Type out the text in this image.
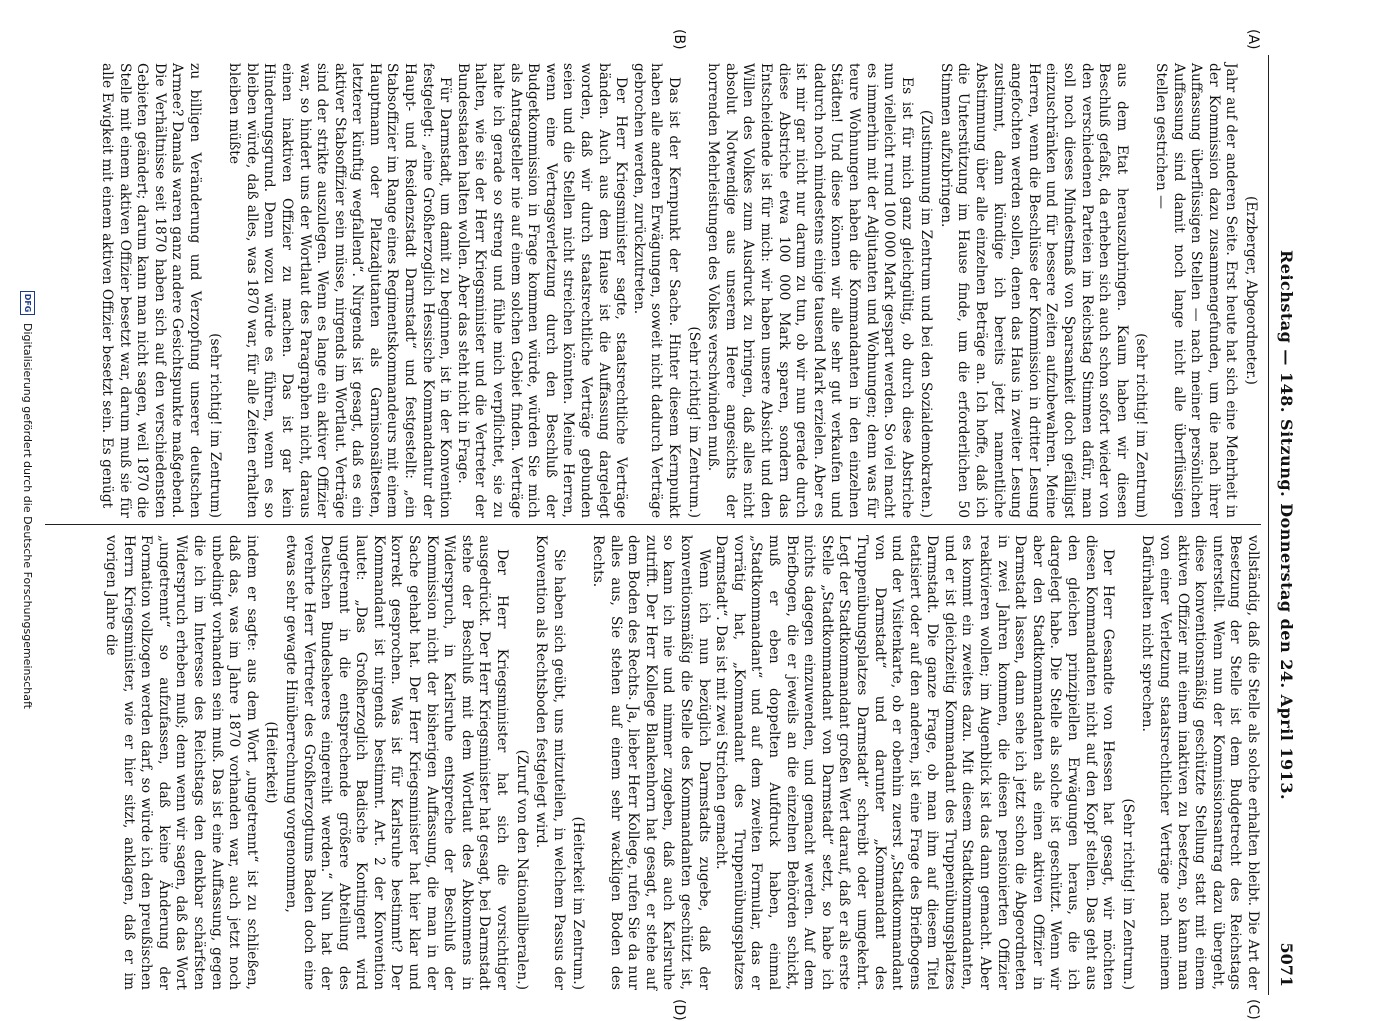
Reichstag — 148. Sitzung. Donnerstag den 24. April 1913.
5071
(A)
(B)
(C)
(D)

(Erzberger, Abgeordneter.)

Jahr auf der anderen Seite. Erst heute hat sich eine Mehrheit in der Kommission dazu zusammengefunden, um die nach ihrer Auffassung überflüssigen Stellen — nach meiner persönlichen Auffassung sind damit noch lange nicht alle überflüssigen Stellen gestrichen —

(sehr richtig! im Zentrum)

aus dem Etat herauszubringen. Kaum haben wir diesen Beschluß gefaßt, da erheben sich auch schon sofort wieder von den verschiedenen Parteien im Reichstag Stimmen dafür, man soll noch dieses Mindestmaß von Sparsamkeit doch gefälligst einzuschränken und für bessere Zeiten aufzubewahren. Meine Herren, wenn die Beschlüsse der Kommission in dritter Lesung angefochten werden sollen, denen das Haus in zweiter Lesung zustimmt, dann kündige ich bereits jetzt namentliche Abstimmung über alle einzelnen Beträge an. Ich hoffe, daß ich die Unterstützung im Hause finde, um die erforderlichen 50 Stimmen aufzubringen.

(Zustimmung im Zentrum und bei den Sozialdemokraten.)

Es ist für mich ganz gleichgültig, ob durch diese Abstriche nun vielleicht rund 100 000 Mark gespart werden. So viel macht es immerhin mit der Adjutanten und Wohnungen; denn was für teure Wohnungen haben die Kommandanten in den einzelnen Städten! Und diese können wir alle sehr gut verkaufen und dadurch noch mindestens einige tausend Mark erzielen. Aber es ist mir gar nicht nur darum zu tun, ob wir nun gerade durch diese Abstriche etwa 100 000 Mark sparen, sondern das Entscheidende ist für mich: wir haben unsere Absicht und den Willen des Volkes zum Ausdruck zu bringen, daß alles nicht absolut Notwendige aus unserem Heere angesichts der horrenden Mehrleistungen des Volkes verschwinden muß.

(Sehr richtig! im Zentrum.)

Das ist der Kernpunkt der Sache. Hinter diesem Kernpunkt haben alle anderen Erwägungen, soweit nicht dadurch Verträge gebrochen werden, zurückzutreten.

Der Herr Kriegsminister sagte, staatsrechtliche Verträge bänden. Auch aus dem Hause ist die Auffassung dargelegt worden, daß wir durch staatsrechtliche Verträge gebunden seien und die Stellen nicht streichen könnten. Meine Herren, wenn eine Vertragsverletzung durch den Beschluß der Budgetkommission in Frage kommen würde, würden Sie mich als Antragsteller nie auf einem solchen Gebiet finden. Verträge halte ich gerade so streng und fühle mich verpflichtet, sie zu halten, wie sie der Herr Kriegsminister und die Vertreter der Bundesstaaten halten wollen. Aber das steht nicht in Frage.

Für Darmstadt, um damit zu beginnen, ist in der Konvention festgelegt: „eine Großherzoglich Hessische Kommandantur der Haupt- und Residenzstadt Darmstadt“ und festgestellt: „ein Stabsoffizier im Range eines Regimentskommandeurs mit einem Hauptmann oder Platzadjutanten als Garnisonsältesten, letzterer künftig wegfallend“. Nirgends ist gesagt, daß es ein aktiver Stabsoffizier sein müsse, nirgends im Wortlaut. Verträge sind der strikte auszulegen. Wenn es lange ein aktiver Offizier war, so hindert uns der Wortlaut des Paragraphen nicht, daraus einen inaktiven Offizier zu machen. Das ist gar kein Hinderungsgrund. Denn wozu würde es führen, wenn es so bleiben würde, daß alles, was 1870 war, für alle Zeiten erhalten bleiben müßte

(sehr richtig! im Zentrum)

zu billigen Veränderung und Verzopfung unserer deutschen Armee? Damals waren ganz andere Gesichtspunkte maßgebend. Die Verhältnisse seit 1870 haben sich auf den verschiedensten Gebieten geändert; darum kann man nicht sagen, weil 1870 die Stelle mit einem aktiven Offizier besetzt war, darum muß sie für alle Ewigkeit mit einem aktiven Offizier besetzt sein. Es genügt

vollständig, daß die Stelle als solche erhalten bleibt. Die Art der Besetzung der Stelle ist dem Budgetrecht des Reichstags unterstellt. Wenn nun der Kommissionsantrag dazu übergeht, diese konventionsmäßig geschützte Stellung statt mit einem aktiven Offizier mit einem inaktiven zu besetzen, so kann man von einer Verletzung staatsrechtlicher Verträge nach meinem Dafürhalten nicht sprechen.

(Sehr richtig! im Zentrum.)

Der Herr Gesandte von Hessen hat gesagt, wir möchten diesen Kommandanten nicht auf den Kopf stellen. Das geht aus den gleichen prinzipiellen Erwägungen heraus, die ich dargelegt habe. Die Stelle als solche ist geschützt. Wenn wir aber den Stadtkommandanten als einen aktiven Offizier in Darmstadt lassen, dann sehe ich jetzt schon die Abgeordneten in zwei Jahren kommen, die diesen pensionierten Offizier reaktivieren wollen; im Augenblick ist das dann gemacht. Aber es kommt ein zweites dazu. Mit diesem Stadtkommandanten, und er ist gleichzeitig Kommandant des Truppenübungsplatzes Darmstadt. Die ganze Frage, ob man ihm auf diesem Titel etatisiert oder auf den anderen, ist eine Frage des Briefbogens und der Visitenkarte, ob er obenhin zuerst „Stadtkommandant von Darmstadt“ und darunter „Kommandant des Truppenübungsplatzes Darmstadt“ schreibt oder umgekehrt. Legt der Stadtkommandant großen Wert darauf, daß er als erste Stelle „Stadtkommandant von Darmstadt“ setzt, so habe ich nichts dagegen einzuwenden, und gemacht werden. Auf dem Briefbogen, die er jeweils an die einzelnen Behörden schickt, muß er eben doppelten Aufdruck haben, einmal „Stadtkommandant“ und auf dem zweiten Formular, das er vorrätig hat, „Kommandant des Truppenübungsplatzes Darmstadt“. Das ist mit zwei Strichen gemacht.

Wenn ich nun bezüglich Darmstadts zugebe, daß der konventionsmäßig die Stelle des Kommandanten geschützt ist, so kann ich nie und nimmer zugeben, daß auch Karlsruhe zutrifft. Der Herr Kollege Blankenhorn hat gesagt, er stehe auf dem Boden des Rechts. Ja, lieber Herr Kollege, rufen Sie da nur alles aus, Sie stehen auf einem sehr wackligen Boden des Rechts.

(Heiterkeit im Zentrum.)

Sie haben sich geübt, uns mitzuteilen, in welchem Passus der Konvention als Rechtsboden festgelegt wird.

(Zuruf von den Nationalliberalen.)

Der Herr Kriegsminister hat sich die vorsichtiger ausgedrückt. Der Herr Kriegsminister hat gesagt, bei Darmstadt stehe der Beschluß mit dem Wortlaut des Abkommens in Widerspruch, in Karlsruhe entspreche der Beschluß der Kommission nicht der bisherigen Auffassung, die man in der Sache gehabt hat. Der Herr Kriegsminister hat hier klar und korrekt gesprochen. Was ist für Karlsruhe bestimmt? Der Kommandant ist nirgends bestimmt. Art. 2 der Konvention lautet: „Das Großherzoglich Badische Kontingent wird ungetrennt in die entsprechende größere Abteilung des Deutschen Bundesheeres eingereiht werden.“ Nun hat der verehrte Herr Vertreter des Großherzogtums Baden doch eine etwas sehr gewagte Hinüberrechnung vorgenommen,

(Heiterkeit)

indem er sagte: aus dem Wort „ungetrennt“ ist zu schließen, daß das, was im Jahre 1870 vorhanden war, auch jetzt noch unbedingt vorhanden sein muß. Das ist eine Auffassung, gegen die ich im Interesse des Reichstags den denkbar schärfsten Widerspruch erheben muß; denn wenn wir sagen, daß das Wort „ungetrennt“ so aufzufassen, daß keine Änderung der Formation vollzogen werden darf, so würde ich den preußischen Herrn Kriegsminister, wie er hier sitzt, anklagen, daß er im vorigen Jahre die

DFG
Digitalisierung gefördert durch die Deutsche Forschungsgemeinschaft
